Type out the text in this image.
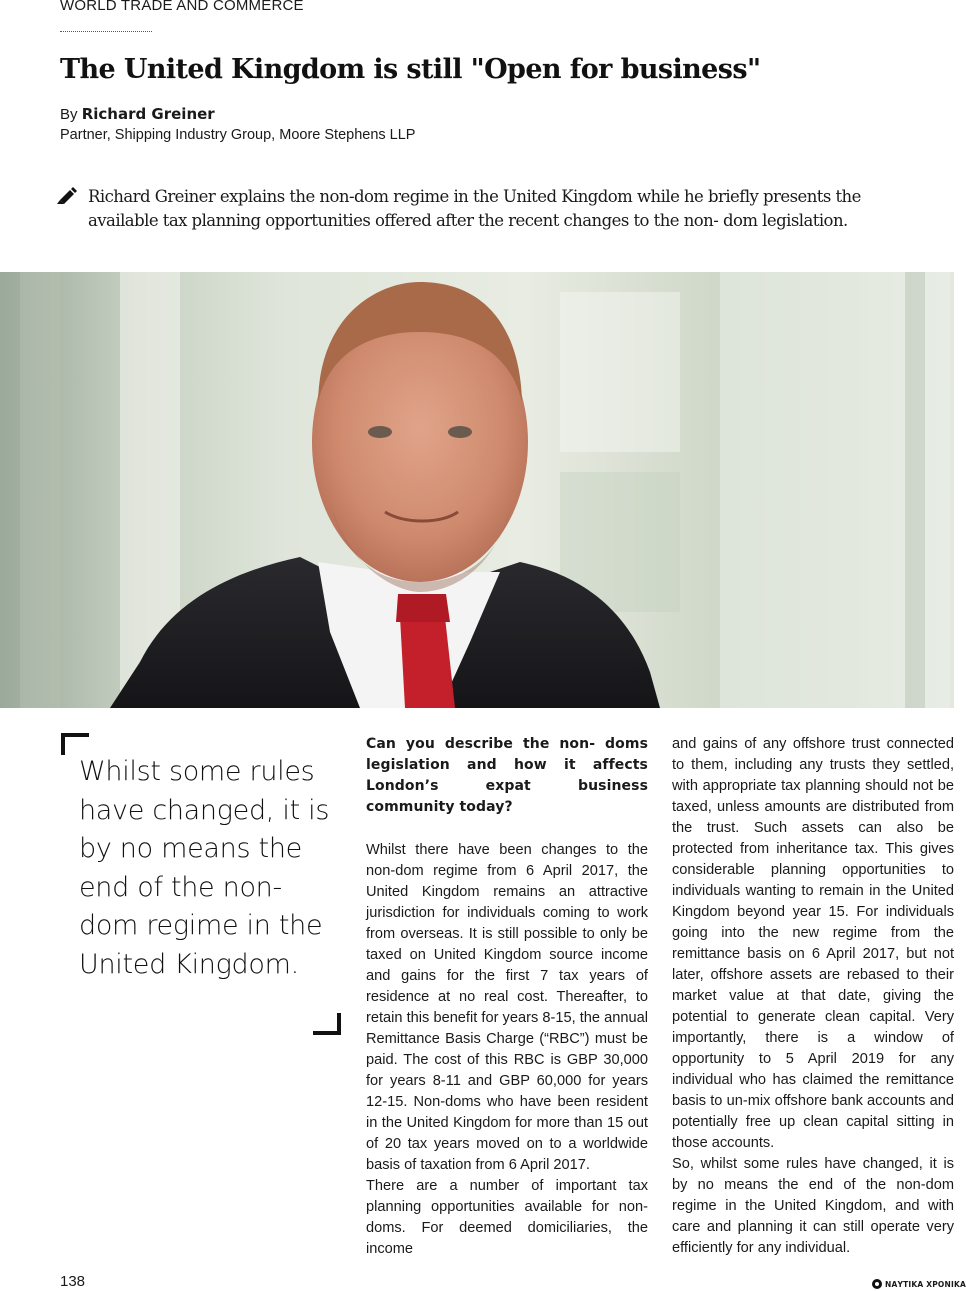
WORLD TRADE AND COMMERCE
The United Kingdom is still "Open for business"
By Richard Greiner
Partner, Shipping Industry Group, Moore Stephens LLP

Richard Greiner explains the non-dom regime in the United Kingdom while he briefly presents the available tax planning opportunities offered after the recent changes to the non- dom legislation.

Whilst some rules have changed, it is by no means the end of the non-dom regime in the United Kingdom.

Can you describe the non- doms legislation and how it affects London’s expat business community today?

Whilst there have been changes to the non-dom regime from 6 April 2017, the United Kingdom remains an attractive jurisdiction for individuals coming to work from overseas. It is still possible to only be taxed on United Kingdom source income and gains for the first 7 tax years of residence at no real cost. Thereafter, to retain this benefit for years 8-15, the annual Remittance Basis Charge (“RBC”) must be paid. The cost of this RBC is GBP 30,000 for years 8-11 and GBP 60,000 for years 12-15. Non-doms who have been resident in the United Kingdom for more than 15 out of 20 tax years moved on to a worldwide basis of taxation from 6 April 2017.

There are a number of important tax planning opportunities available for non-doms. For deemed domiciliaries, the income

and gains of any offshore trust connected to them, including any trusts they settled, with appropriate tax planning should not be taxed, unless amounts are distributed from the trust. Such assets can also be protected from inheritance tax. This gives considerable planning opportunities to individuals wanting to remain in the United Kingdom beyond year 15. For individuals going into the new regime from the remittance basis on 6 April 2017, but not later, offshore assets are rebased to their market value at that date, giving the potential to generate clean capital. Very importantly, there is a window of opportunity to 5 April 2019 for any individual who has claimed the remittance basis to un-mix offshore bank accounts and potentially free up clean capital sitting in those accounts.

So, whilst some rules have changed, it is by no means the end of the non-dom regime in the United Kingdom, and with care and planning it can still operate very efficiently for any individual.

138	ΝΑΥΤΙΚΑ ΧΡΟΝΙΚΑ
